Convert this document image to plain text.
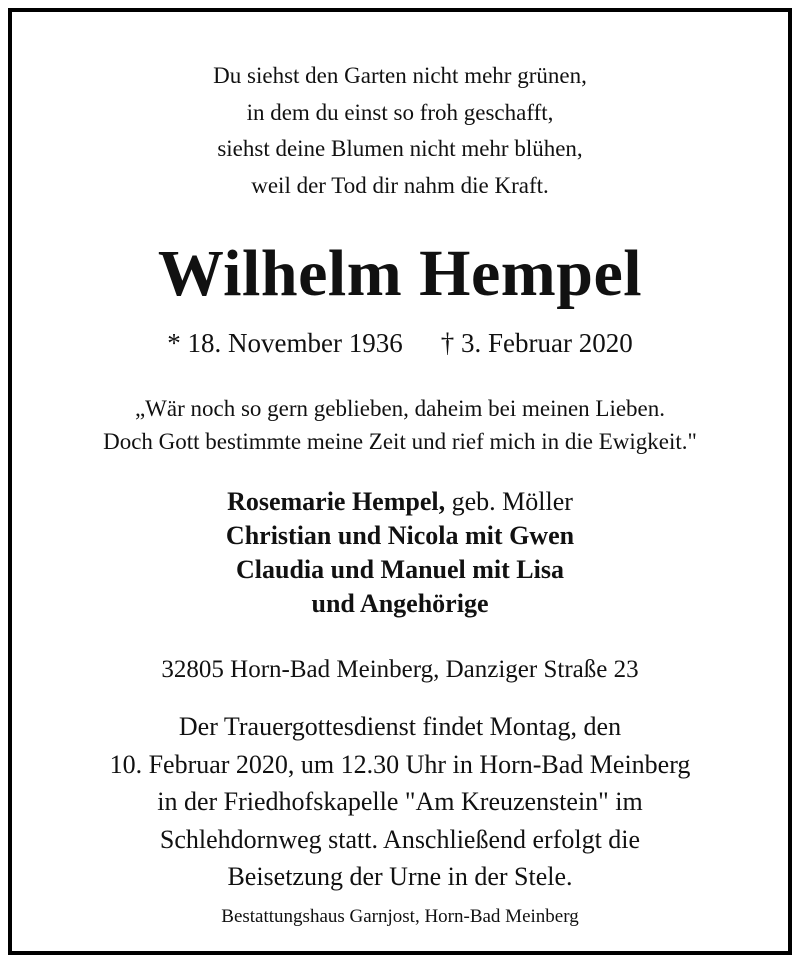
Du siehst den Garten nicht mehr grünen,
in dem du einst so froh geschafft,
siehst deine Blumen nicht mehr blühen,
weil der Tod dir nahm die Kraft.
Wilhelm Hempel
* 18. November 1936 † 3. Februar 2020
„Wär noch so gern geblieben, daheim bei meinen Lieben.
Doch Gott bestimmte meine Zeit und rief mich in die Ewigkeit."
Rosemarie Hempel, geb. Möller
Christian und Nicola mit Gwen
Claudia und Manuel mit Lisa
und Angehörige
32805 Horn-Bad Meinberg, Danziger Straße 23
Der Trauergottesdienst findet Montag, den
10. Februar 2020, um 12.30 Uhr in Horn-Bad Meinberg
in der Friedhofskapelle "Am Kreuzenstein" im
Schlehdornweg statt. Anschließend erfolgt die
Beisetzung der Urne in der Stele.
Bestattungshaus Garnjost, Horn-Bad Meinberg
